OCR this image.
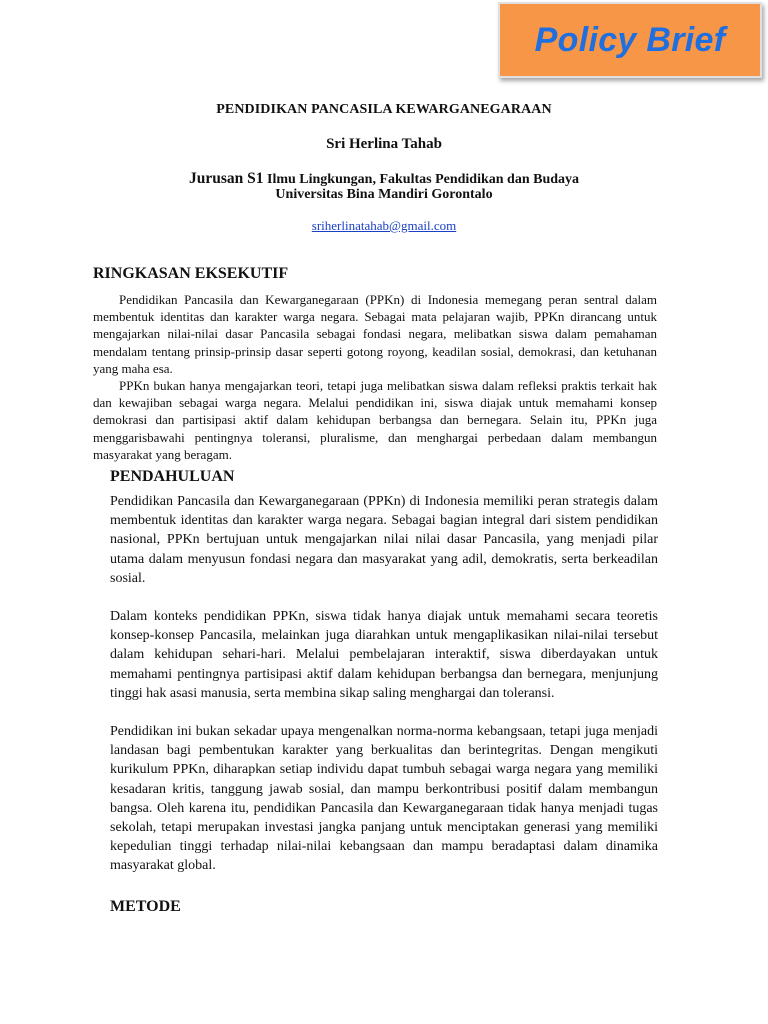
Policy Brief
PENDIDIKAN PANCASILA KEWARGANEGARAAN
Sri Herlina Tahab
Jurusan S1 Ilmu Lingkungan, Fakultas Pendidikan dan Budaya
Universitas Bina Mandiri Gorontalo
sriherlinatahab@gmail.com
RINGKASAN EKSEKUTIF

Pendidikan Pancasila dan Kewarganegaraan (PPKn) di Indonesia memegang peran sentral dalam membentuk identitas dan karakter warga negara. Sebagai mata pelajaran wajib, PPKn dirancang untuk mengajarkan nilai-nilai dasar Pancasila sebagai fondasi negara, melibatkan siswa dalam pemahaman mendalam tentang prinsip-prinsip dasar seperti gotong royong, keadilan sosial, demokrasi, dan ketuhanan yang maha esa.

PPKn bukan hanya mengajarkan teori, tetapi juga melibatkan siswa dalam refleksi praktis terkait hak dan kewajiban sebagai warga negara. Melalui pendidikan ini, siswa diajak untuk memahami konsep demokrasi dan partisipasi aktif dalam kehidupan berbangsa dan bernegara. Selain itu, PPKn juga menggarisbawahi pentingnya toleransi, pluralisme, dan menghargai perbedaan dalam membangun masyarakat yang beragam.

PENDAHULUAN

Pendidikan Pancasila dan Kewarganegaraan (PPKn) di Indonesia memiliki peran strategis dalam membentuk identitas dan karakter warga negara. Sebagai bagian integral dari sistem pendidikan nasional, PPKn bertujuan untuk mengajarkan nilai nilai dasar Pancasila, yang menjadi pilar utama dalam menyusun fondasi negara dan masyarakat yang adil, demokratis, serta berkeadilan sosial.

Dalam konteks pendidikan PPKn, siswa tidak hanya diajak untuk memahami secara teoretis konsep-konsep Pancasila, melainkan juga diarahkan untuk mengaplikasikan nilai-nilai tersebut dalam kehidupan sehari-hari. Melalui pembelajaran interaktif, siswa diberdayakan untuk memahami pentingnya partisipasi aktif dalam kehidupan berbangsa dan bernegara, menjunjung tinggi hak asasi manusia, serta membina sikap saling menghargai dan toleransi.

Pendidikan ini bukan sekadar upaya mengenalkan norma-norma kebangsaan, tetapi juga menjadi landasan bagi pembentukan karakter yang berkualitas dan berintegritas. Dengan mengikuti kurikulum PPKn, diharapkan setiap individu dapat tumbuh sebagai warga negara yang memiliki kesadaran kritis, tanggung jawab sosial, dan mampu berkontribusi positif dalam membangun bangsa. Oleh karena itu, pendidikan Pancasila dan Kewarganegaraan tidak hanya menjadi tugas sekolah, tetapi merupakan investasi jangka panjang untuk menciptakan generasi yang memiliki kepedulian tinggi terhadap nilai-nilai kebangsaan dan mampu beradaptasi dalam dinamika masyarakat global.

METODE
